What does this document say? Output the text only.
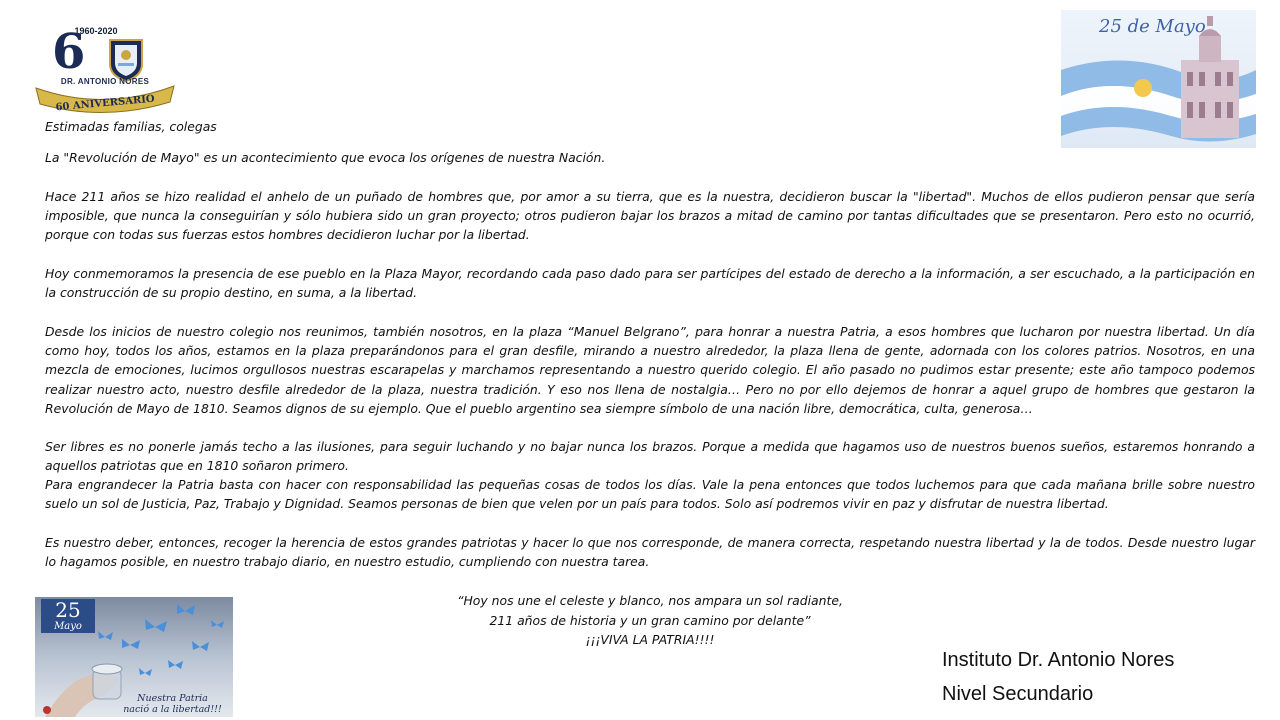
1960-2020
6
DR. ANTONIO NORES
60 ANIVERSARIO
25 de Mayo
Estimadas familias, colegas

La "Revolución de Mayo" es un acontecimiento que evoca los orígenes de nuestra Nación.

Hace 211 años se hizo realidad el anhelo de un puñado de hombres que, por amor a su tierra, que es la nuestra, decidieron buscar la "libertad". Muchos de ellos pudieron pensar que sería imposible, que nunca la conseguirían y sólo hubiera sido un gran proyecto; otros pudieron bajar los brazos a mitad de camino por tantas dificultades que se presentaron. Pero esto no ocurrió, porque con todas sus fuerzas estos hombres decidieron luchar por la libertad.

Hoy conmemoramos la presencia de ese pueblo en la Plaza Mayor, recordando cada paso dado para ser partícipes del estado de derecho a la información, a ser escuchado, a la participación en la construcción de su propio destino, en suma, a la libertad.

Desde los inicios de nuestro colegio nos reunimos, también nosotros, en la plaza “Manuel Belgrano”, para honrar a nuestra Patria, a esos hombres que lucharon por nuestra libertad. Un día como hoy, todos los años, estamos en la plaza preparándonos para el gran desfile, mirando a nuestro alrededor, la plaza llena de gente, adornada con los colores patrios. Nosotros, en una mezcla de emociones, lucimos orgullosos nuestras escarapelas y marchamos representando a nuestro querido colegio. El año pasado no pudimos estar presente; este año tampoco podemos realizar nuestro acto, nuestro desfile alrededor de la plaza, nuestra tradición. Y eso nos llena de nostalgia… Pero no por ello dejemos de honrar a aquel grupo de hombres que gestaron la Revolución de Mayo de 1810. Seamos dignos de su ejemplo. Que el pueblo argentino sea siempre símbolo de una nación libre, democrática, culta, generosa…

Ser libres es no ponerle jamás techo a las ilusiones, para seguir luchando y no bajar nunca los brazos. Porque a medida que hagamos uso de nuestros buenos sueños, estaremos honrando a aquellos patriotas que en 1810 soñaron primero.

Para engrandecer la Patria basta con hacer con responsabilidad las pequeñas cosas de todos los días. Vale la pena entonces que todos luchemos para que cada mañana brille sobre nuestro suelo un sol de Justicia, Paz, Trabajo y Dignidad. Seamos personas de bien que velen por un país para todos. Solo así podremos vivir en paz y disfrutar de nuestra libertad.

Es nuestro deber, entonces, recoger la herencia de estos grandes patriotas y hacer lo que nos corresponde, de manera correcta, respetando nuestra libertad y la de todos. Desde nuestro lugar lo hagamos posible, en nuestro trabajo diario, en nuestro estudio, cumpliendo con nuestra tarea.

“Hoy nos une el celeste y blanco, nos ampara un sol radiante,
211 años de historia y un gran camino por delante”
¡¡¡VIVA LA PATRIA!!!!
25
Mayo
Nuestra Patria
nació a la libertad!!!
Instituto Dr. Antonio Nores
Nivel Secundario
